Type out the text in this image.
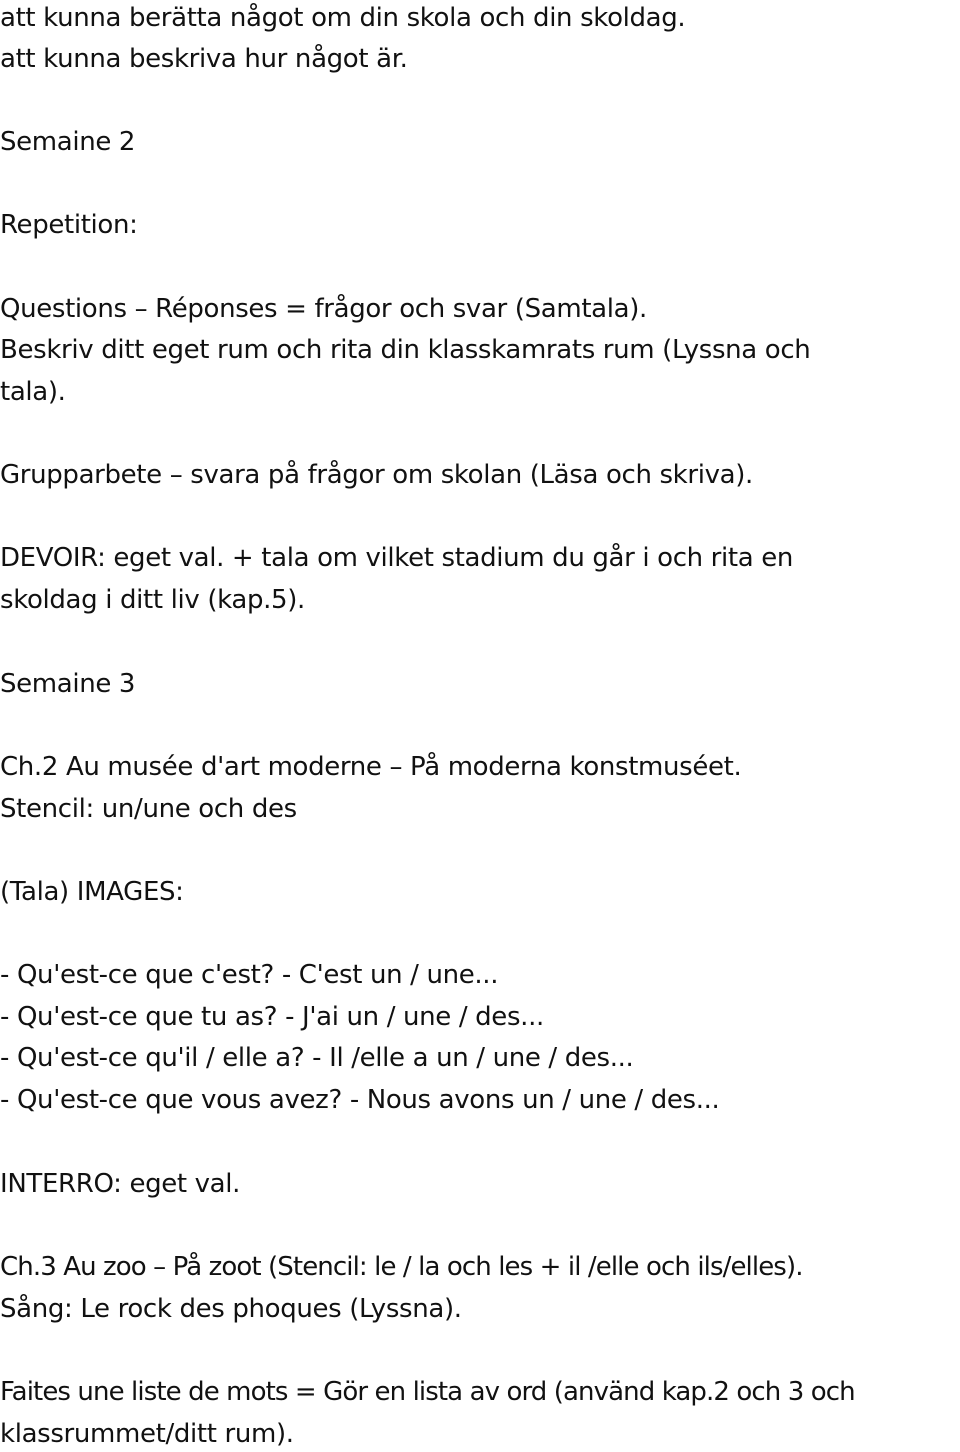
att kunna berätta något om din skola och din skoldag.
att kunna beskriva hur något är.
Semaine 2
Repetition:
Questions – Réponses = frågor och svar (Samtala).
Beskriv ditt eget rum och rita din klasskamrats rum (Lyssna och
tala).
Grupparbete – svara på frågor om skolan (Läsa och skriva).
DEVOIR: eget val. + tala om vilket stadium du går i och rita en
skoldag i ditt liv (kap.5).
Semaine 3
Ch.2 Au musée d'art moderne – På moderna konstmuséet.
Stencil: un/une och des
(Tala) IMAGES:
- Qu'est-ce que c'est? - C'est un / une...
- Qu'est-ce que tu as? - J'ai un / une / des...
- Qu'est-ce qu'il / elle a? - Il /elle a un / une / des...
- Qu'est-ce que vous avez? - Nous avons un / une / des...
INTERRO: eget val.
Ch.3 Au zoo – På zoot (Stencil: le / la och les + il /elle och ils/elles).
Sång: Le rock des phoques (Lyssna).
Faites une liste de mots = Gör en lista av ord (använd kap.2 och 3 och
klassrummet/ditt rum).
